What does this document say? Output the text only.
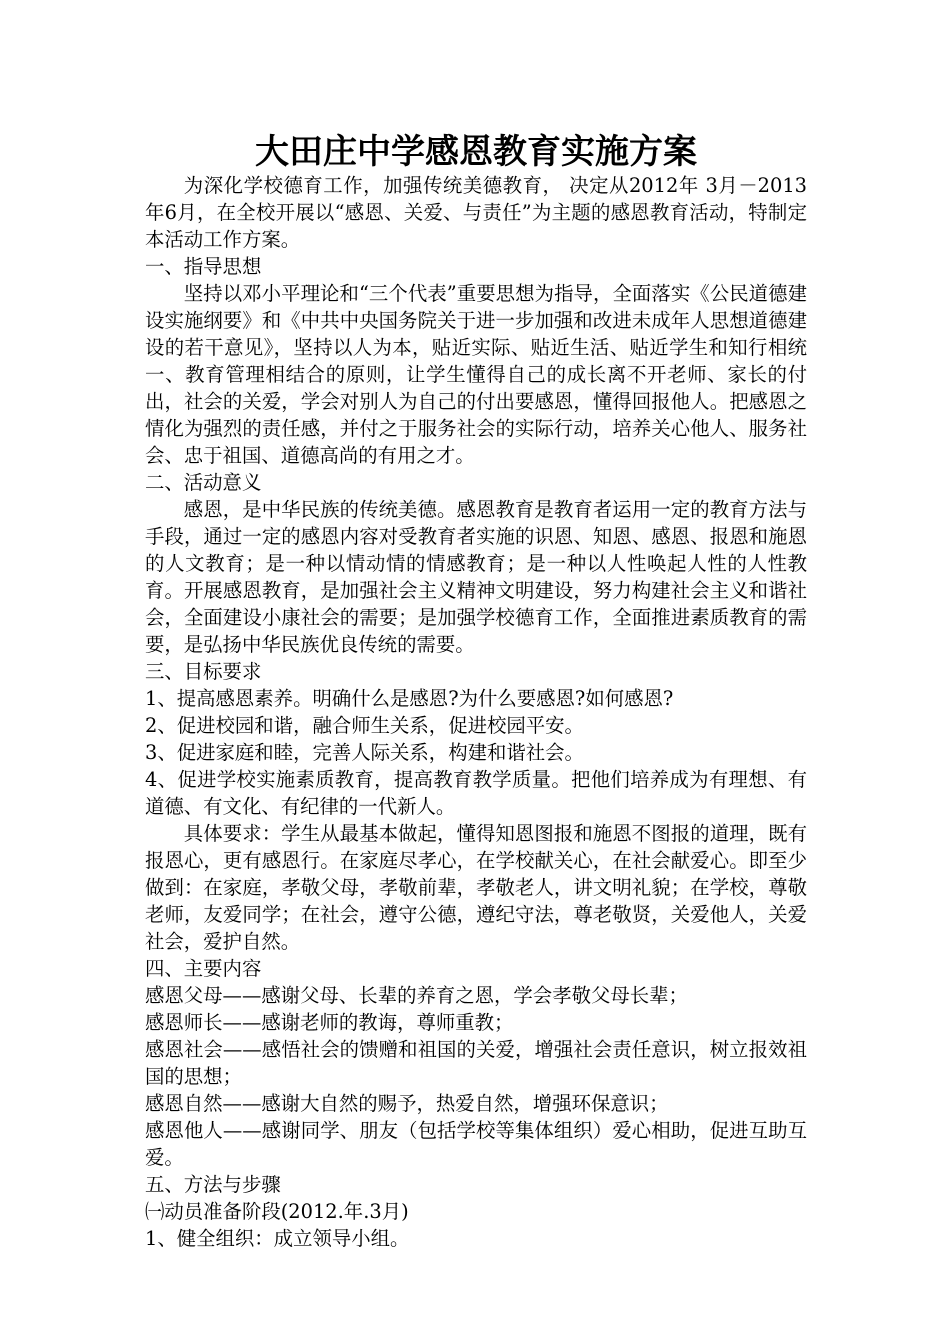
大田庄中学感恩教育实施方案

为深化学校德育工作，加强传统美德教育， 决定从2012年 3月－2013年6月，在全校开展以“感恩、关爱、与责任”为主题的感恩教育活动，特制定本活动工作方案。

一、指导思想

坚持以邓小平理论和“三个代表”重要思想为指导，全面落实《公民道德建设实施纲要》和《中共中央国务院关于进一步加强和改进未成年人思想道德建设的若干意见》，坚持以人为本，贴近实际、贴近生活、贴近学生和知行相统一、教育管理相结合的原则，让学生懂得自己的成长离不开老师、家长的付出，社会的关爱，学会对别人为自己的付出要感恩，懂得回报他人。把感恩之情化为强烈的责任感，并付之于服务社会的实际行动，培养关心他人、服务社会、忠于祖国、道德高尚的有用之才。

二、活动意义

感恩，是中华民族的传统美德。感恩教育是教育者运用一定的教育方法与手段，通过一定的感恩内容对受教育者实施的识恩、知恩、感恩、报恩和施恩的人文教育；是一种以情动情的情感教育；是一种以人性唤起人性的人性教育。开展感恩教育，是加强社会主义精神文明建设，努力构建社会主义和谐社会，全面建设小康社会的需要；是加强学校德育工作，全面推进素质教育的需要，是弘扬中华民族优良传统的需要。

三、目标要求

1、提高感恩素养。明确什么是感恩?为什么要感恩?如何感恩?

2、促进校园和谐，融合师生关系，促进校园平安。

3、促进家庭和睦，完善人际关系，构建和谐社会。

4、促进学校实施素质教育，提高教育教学质量。把他们培养成为有理想、有道德、有文化、有纪律的一代新人。

具体要求：学生从最基本做起，懂得知恩图报和施恩不图报的道理，既有报恩心，更有感恩行。在家庭尽孝心，在学校献关心，在社会献爱心。即至少做到：在家庭，孝敬父母，孝敬前辈，孝敬老人，讲文明礼貌；在学校，尊敬老师，友爱同学；在社会，遵守公德，遵纪守法，尊老敬贤，关爱他人，关爱社会，爱护自然。

四、主要内容

感恩父母——感谢父母、长辈的养育之恩，学会孝敬父母长辈；

感恩师长——感谢老师的教诲，尊师重教；

感恩社会——感悟社会的馈赠和祖国的关爱，增强社会责任意识，树立报效祖国的思想；

感恩自然——感谢大自然的赐予，热爱自然，增强环保意识；

感恩他人——感谢同学、朋友（包括学校等集体组织）爱心相助，促进互助互爱。

五、方法与步骤

㈠动员准备阶段(2012.年.3月)

1、健全组织：成立领导小组。
